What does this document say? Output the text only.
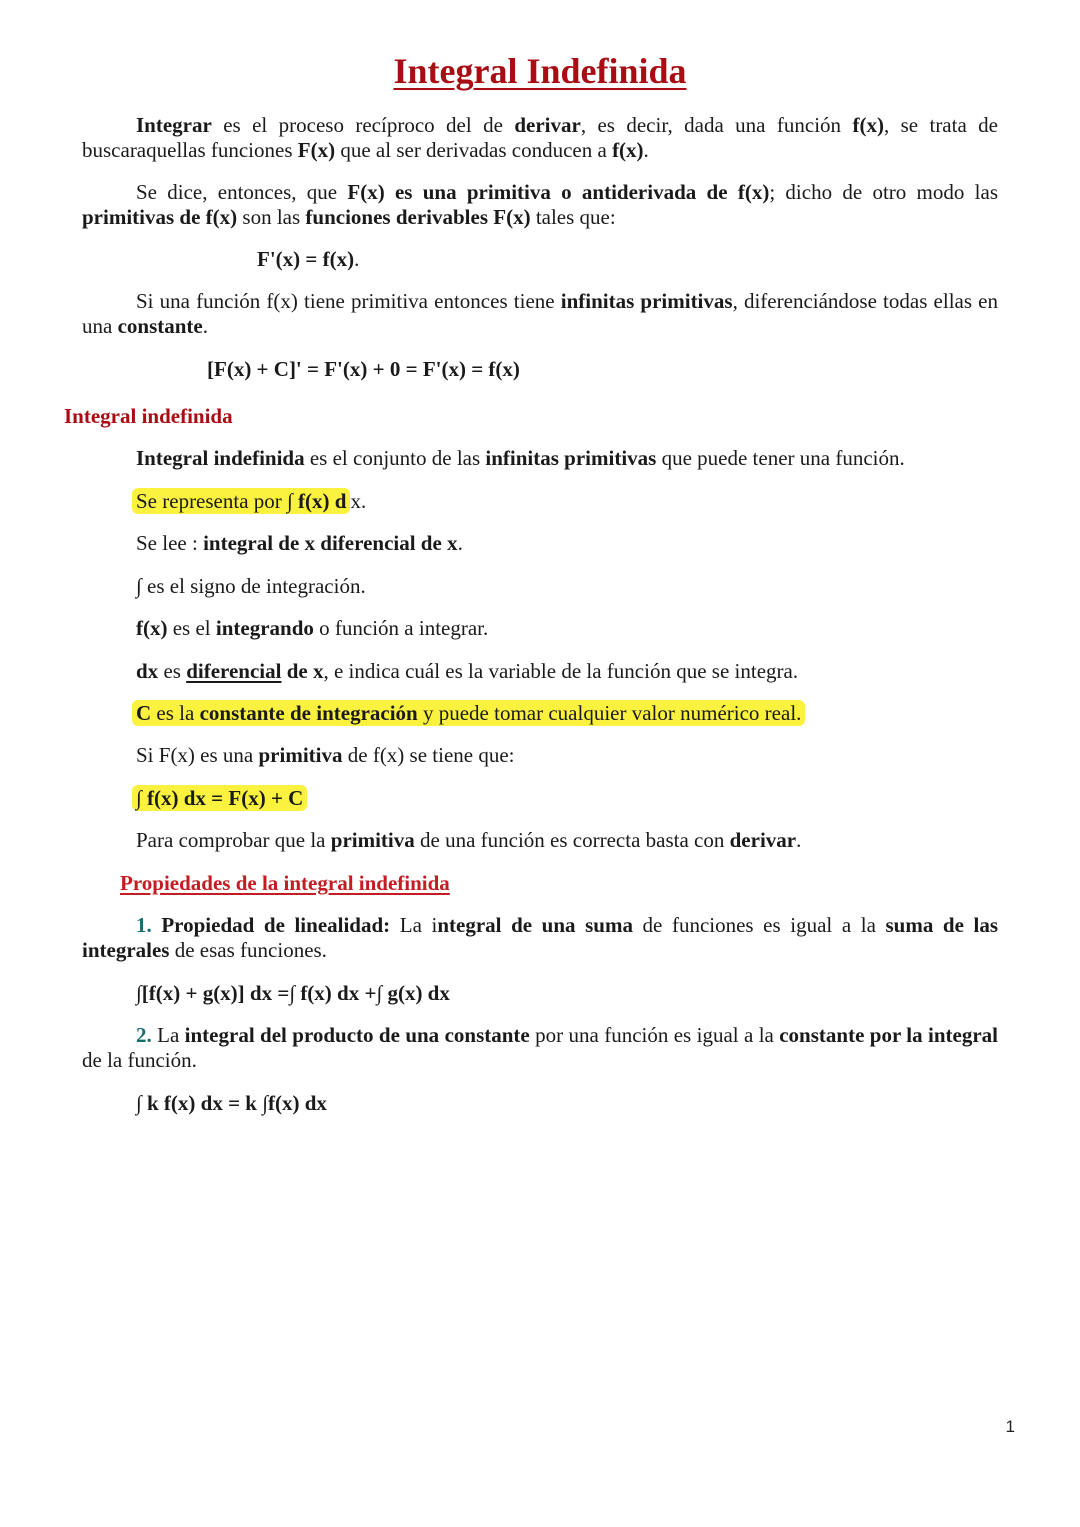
Integral Indefinida
Integrar es el proceso recíproco del de derivar, es decir, dada una función f(x), se trata de buscaraquellas funciones F(x) que al ser derivadas conducen a f(x).
Se dice, entonces, que F(x) es una primitiva o antiderivada de f(x); dicho de otro modo las primitivas de f(x) son las funciones derivables F(x) tales que:
F'(x) = f(x).
Si una función f(x) tiene primitiva entonces tiene infinitas primitivas, diferenciándose todas ellas en una constante.
[F(x) + C]' = F'(x) + 0 = F'(x) = f(x)
Integral indefinida
Integral indefinida es el conjunto de las infinitas primitivas que puede tener una función.
Se representa por ∫ f(x) d x.
Se lee : integral de x diferencial de x.
∫ es el signo de integración.
f(x) es el integrando o función a integrar.
dx es diferencial de x, e indica cuál es la variable de la función que se integra.
C es la constante de integración y puede tomar cualquier valor numérico real.
Si F(x) es una primitiva de f(x) se tiene que:
∫ f(x) dx = F(x) + C
Para comprobar que la primitiva de una función es correcta basta con derivar.
Propiedades de la integral indefinida
1. Propiedad de linealidad: La integral de una suma de funciones es igual a la suma de las integrales de esas funciones.
∫[f(x) + g(x)] dx =∫ f(x) dx +∫ g(x) dx
2. La integral del producto de una constante por una función es igual a la constante por la integral de la función.
∫ k f(x) dx = k ∫f(x) dx
1
